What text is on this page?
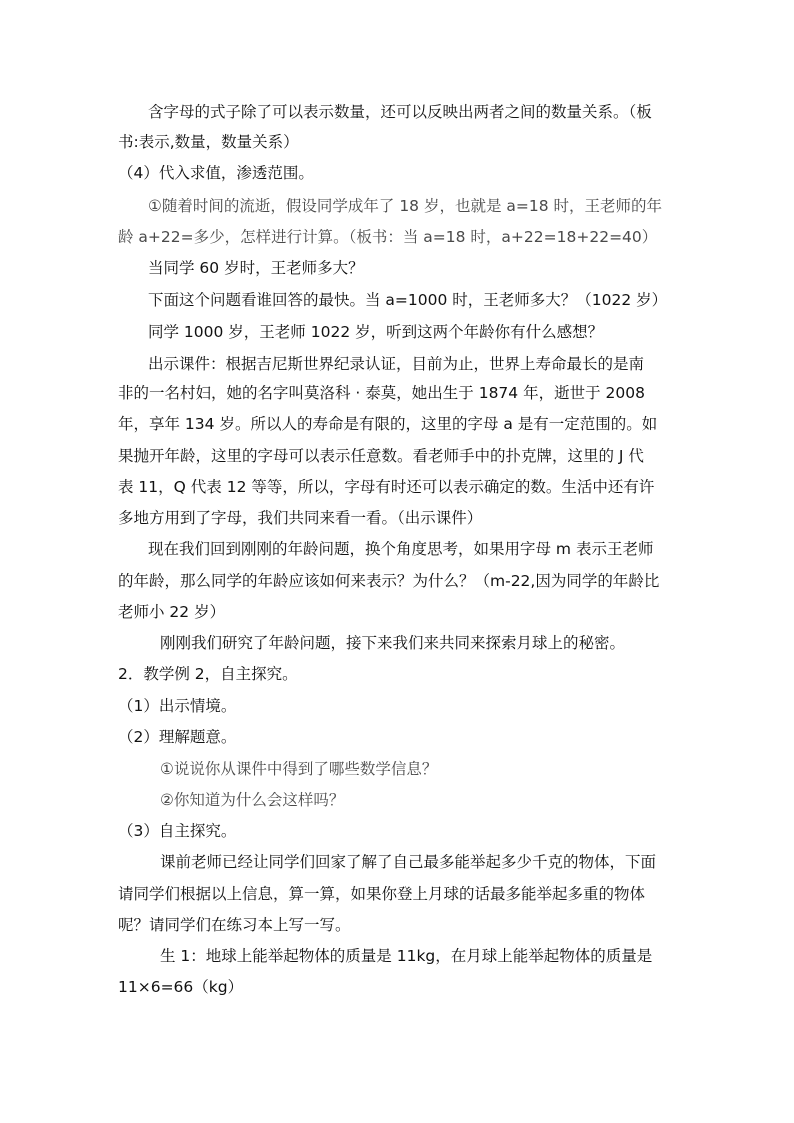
含字母的式子除了可以表示数量，还可以反映出两者之间的数量关系。（板
书:表示,数量，数量关系）
（4）代入求值，渗透范围。
①随着时间的流逝，假设同学成年了 18 岁，也就是 a=18 时，王老师的年
龄 a+22=多少，怎样进行计算。（板书：当 a=18 时，a+22=18+22=40）
当同学 60 岁时，王老师多大？
下面这个问题看谁回答的最快。当 a=1000 时，王老师多大？（1022 岁）
同学 1000 岁，王老师 1022 岁，听到这两个年龄你有什么感想？
出示课件：根据吉尼斯世界纪录认证，目前为止，世界上寿命最长的是南
非的一名村妇，她的名字叫莫洛科 · 泰莫，她出生于 1874 年，逝世于 2008
年，享年 134 岁。所以人的寿命是有限的，这里的字母 a 是有一定范围的。如
果抛开年龄，这里的字母可以表示任意数。看老师手中的扑克牌，这里的 J 代
表 11，Q 代表 12 等等，所以，字母有时还可以表示确定的数。生活中还有许
多地方用到了字母，我们共同来看一看。（出示课件）
现在我们回到刚刚的年龄问题，换个角度思考，如果用字母 m 表示王老师
的年龄，那么同学的年龄应该如何来表示？为什么？（m-22,因为同学的年龄比
老师小 22 岁）
刚刚我们研究了年龄问题，接下来我们来共同来探索月球上的秘密。
2．教学例 2，自主探究。
（1）出示情境。
（2）理解题意。
①说说你从课件中得到了哪些数学信息？
②你知道为什么会这样吗？
（3）自主探究。
课前老师已经让同学们回家了解了自己最多能举起多少千克的物体，下面
请同学们根据以上信息，算一算，如果你登上月球的话最多能举起多重的物体
呢？请同学们在练习本上写一写。
生 1：地球上能举起物体的质量是 11kg，在月球上能举起物体的质量是
11×6=66（kg）
